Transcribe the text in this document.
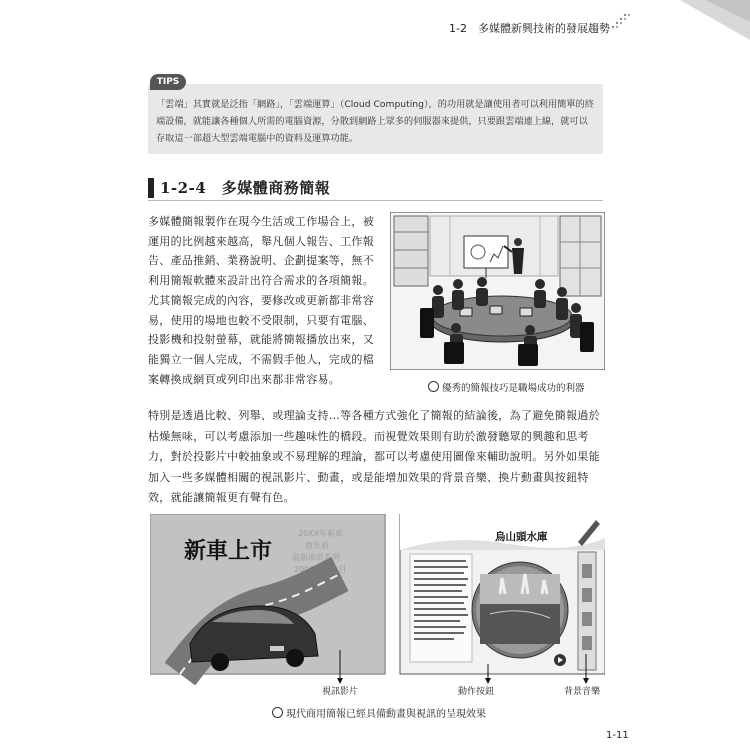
1-2　多媒體新興技術的發展趨勢
TIPS
「雲端」其實就是泛指「網路」，「雲端運算」（Cloud Computing），的功用就是讓使用者可以利用簡單的終端設備，就能讓各種個人所需的電腦資源，分散到網路上眾多的伺服器來提供，只要跟雲端連上線，就可以存取這一部超大型雲端電腦中的資料及運算功能。
1-2-4　多媒體商務簡報
多媒體簡報製作在現今生活或工作場合上，被運用的比例越來越高，舉凡個人報告、工作報告、產品推銷、業務說明、企劃提案等，無不利用簡報軟體來設計出符合需求的各項簡報。尤其簡報完成的內容，要修改或更新都非常容易，使用的場地也較不受限制，只要有電腦、投影機和投射螢幕，就能將簡報播放出來，又能獨立一個人完成，不需假手他人，完成的檔案轉換成網頁或列印出來都非常容易。
優秀的簡報技巧是職場成功的利器
特別是透過比較、列舉、或理論支持…等各種方式強化了簡報的結論後，為了避免簡報過於枯燥無味，可以考慮添加一些趣味性的橋段。而視覺效果則有助於激發聽眾的興趣和思考力，對於投影片中較抽象或不易理解的理論，都可以考慮使用圖像來輔助說明。另外如果能加入一些多媒體相關的視訊影片、動畫，或是能增加效果的背景音樂、換片動畫與按鈕特效，就能讓簡報更有聲有色。
20XX年新車
搶先看
最新車款系列
2000萬人注目
新車上市
烏山頭水庫
視訊影片	動作按鈕	背景音樂
現代商用簡報已經具備動畫與視訊的呈現效果
1-11
